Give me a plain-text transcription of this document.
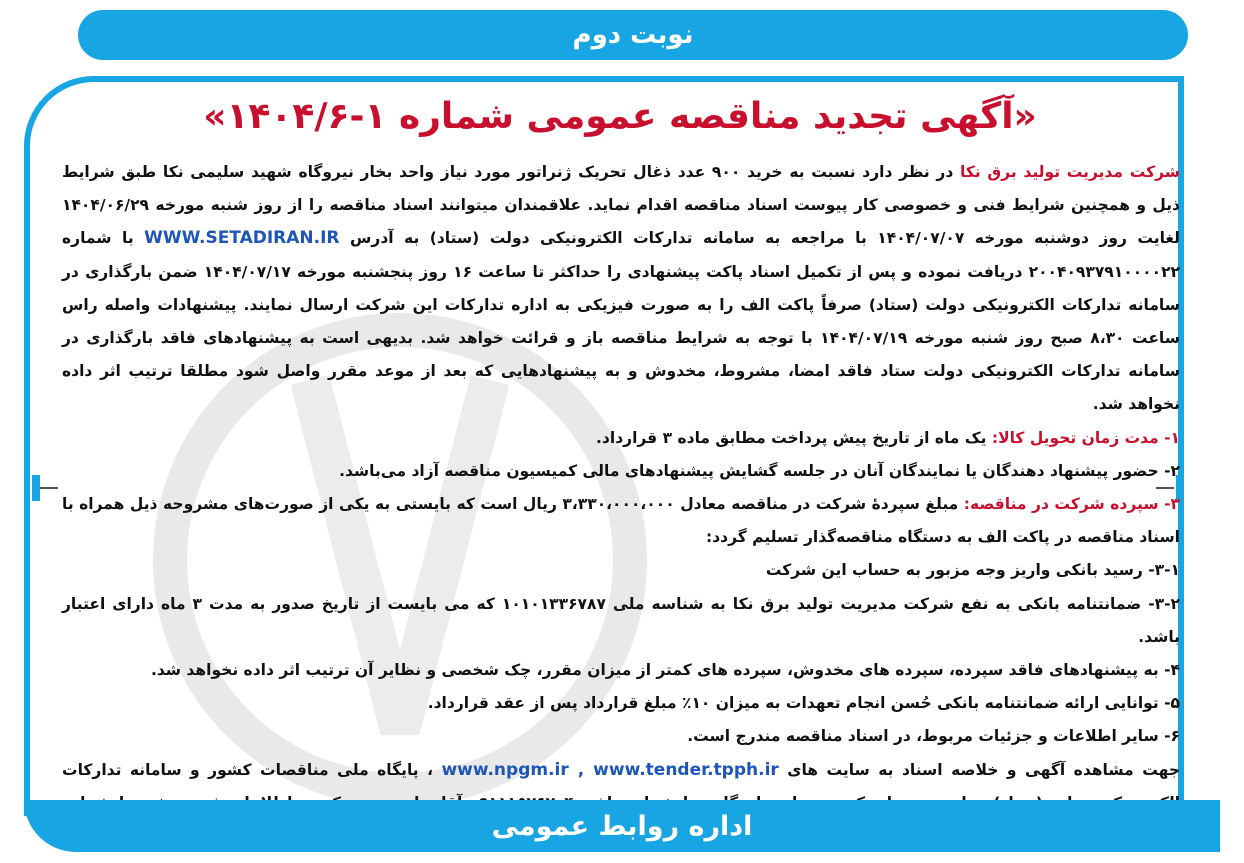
نوبت دوم
«آگهی تجدید مناقصه عمومی شماره ۱-۱۴۰۴/۶»

شرکت مدیریت تولید برق نکا در نظر دارد نسبت به خرید ۹۰۰ عدد ذغال تحریک ژنراتور مورد نیاز واحد بخار نیروگاه شهید سلیمی نکا طبق شرایط ذیل و همچنین شرایط فنی و خصوصی کار پیوست اسناد مناقصه اقدام نماید. علاقمندان میتوانند اسناد مناقصه را از روز شنبه مورخه ۱۴۰۴/۰۶/۲۹ لغایت روز دوشنبه مورخه ۱۴۰۴/۰۷/۰۷ با مراجعه به سامانه تدارکات الکترونیکی دولت (ستاد) به آدرس WWW.SETADIRAN.IR با شماره ۲۰۰۴۰۹۳۷۹۱۰۰۰۰۲۲ دریافت نموده و پس از تکمیل اسناد پاکت پیشنهادی را حداکثر تا ساعت ۱۶ روز پنجشنبه مورخه ۱۴۰۴/۰۷/۱۷ ضمن بارگذاری در سامانه تدارکات الکترونیکی دولت (ستاد) صرفاً پاکت الف را به صورت فیزیکی به اداره تدارکات این شرکت ارسال نمایند. پیشنهادات واصله راس ساعت ۸،۳۰ صبح روز شنبه مورخه ۱۴۰۴/۰۷/۱۹ با توجه به شرایط مناقصه باز و قرائت خواهد شد. بدیهی است به پیشنهادهای فاقد بارگذاری در سامانه تدارکات الکترونیکی دولت ستاد فاقد امضا، مشروط، مخدوش و به پیشنهادهایی که بعد از موعد مقرر واصل شود مطلقا ترتیب اثر داده نخواهد شد.

۱- مدت زمان تحویل کالا: یک ماه از تاریخ پیش پرداخت مطابق ماده ۳ قرارداد.

۲- حضور پیشنهاد دهندگان یا نمایندگان آنان در جلسه گشایش پیشنهادهای مالی کمیسیون مناقصه آزاد می‌باشد.

۳- سپرده شرکت در مناقصه: مبلغ سپردهٔ شرکت در مناقصه معادل ۳،۳۳۰،۰۰۰،۰۰۰ ریال است که بایستی به یکی از صورت‌های مشروحه ذیل همراه با اسناد مناقصه در پاکت الف به دستگاه مناقصه‌گذار تسلیم گردد:

۳-۱- رسید بانکی واریز وجه مزبور به حساب این شرکت

۳-۲- ضمانتنامه بانکی به نفع شرکت مدیریت تولید برق نکا به شناسه ملی ۱۰۱۰۱۳۳۶۷۸۷ که می بایست از تاریخ صدور به مدت ۳ ماه دارای اعتبار باشد.

۴- به پیشنهادهای فاقد سپرده، سپرده های مخدوش، سپرده های کمتر از میزان مقرر، چک شخصی و نظایر آن ترتیب اثر داده نخواهد شد.

۵- توانایی ارائه ضمانتنامه بانکی حُسن انجام تعهدات به میزان ۱۰٪ مبلغ قرارداد پس از عقد قرارداد.

۶- سایر اطلاعات و جزئیات مربوط، در اسناد مناقصه مندرج است.

جهت مشاهده آگهی و خلاصه اسناد به سایت های www.npgm.ir , www.tender.tpph.ir ، پایگاه ملی مناقصات کشور و سامانه تدارکات

اداره روابط عمومی
